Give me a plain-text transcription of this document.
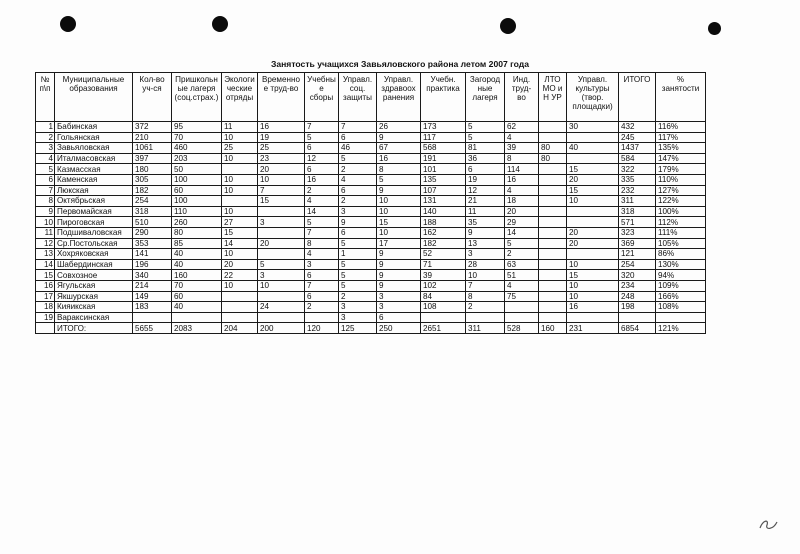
Занятость учащихся Завьяловского района летом 2007 года
№ п\п	Муниципальные образования	Кол-во уч-ся	Пришкольн ые лагеря (соц.страх.)	Экологи ческие отряды	Временно е труд-во	Учебны е сборы	Управл. соц. защиты	Управл. здравоох ранения	Учебн. практика	Загород ные лагеря	Инд. труд- во	ЛТО МО и Н УР	Управл. культуры (твор. площадки)	ИТОГО	% занятости
1	Бабинская	372	95	11	16	7	7	26	173	5	62		30	432	116%
2	Гольянская	210	70	10	19	5	6	9	117	5	4			245	117%
3	Завьяловская	1061	460	25	25	6	46	67	568	81	39	80	40	1437	135%
4	Италмасовская	397	203	10	23	12	5	16	191	36	8	80		584	147%
5	Казмасская	180	50		20	6	2	8	101	6	114		15	322	179%
6	Каменская	305	100	10	10	16	4	5	135	19	16		20	335	110%
7	Люкская	182	60	10	7	2	6	9	107	12	4		15	232	127%
8	Октябрьская	254	100		15	4	2	10	131	21	18		10	311	122%
9	Первомайская	318	110	10		14	3	10	140	11	20			318	100%
10	Пироговская	510	260	27	3	5	9	15	188	35	29			571	112%
11	Подшиваловская	290	80	15		7	6	10	162	9	14		20	323	111%
12	Ср.Постольская	353	85	14	20	8	5	17	182	13	5		20	369	105%
13	Хохряковская	141	40	10		4	1	9	52	3	2			121	86%
14	Шабердинская	196	40	20	5	3	5	9	71	28	63		10	254	130%
15	Совхозное	340	160	22	3	6	5	9	39	10	51		15	320	94%
16	Ягульская	214	70	10	10	7	5	9	102	7	4		10	234	109%
17	Якшурская	149	60			6	2	3	84	8	75		10	248	166%
18	Кияикская	183	40		24	2	3	3	108	2			16	198	108%
19	Вараксинская						3	6							
	ИТОГО:	5655	2083	204	200	120	125	250	2651	311	528	160	231	6854	121%
